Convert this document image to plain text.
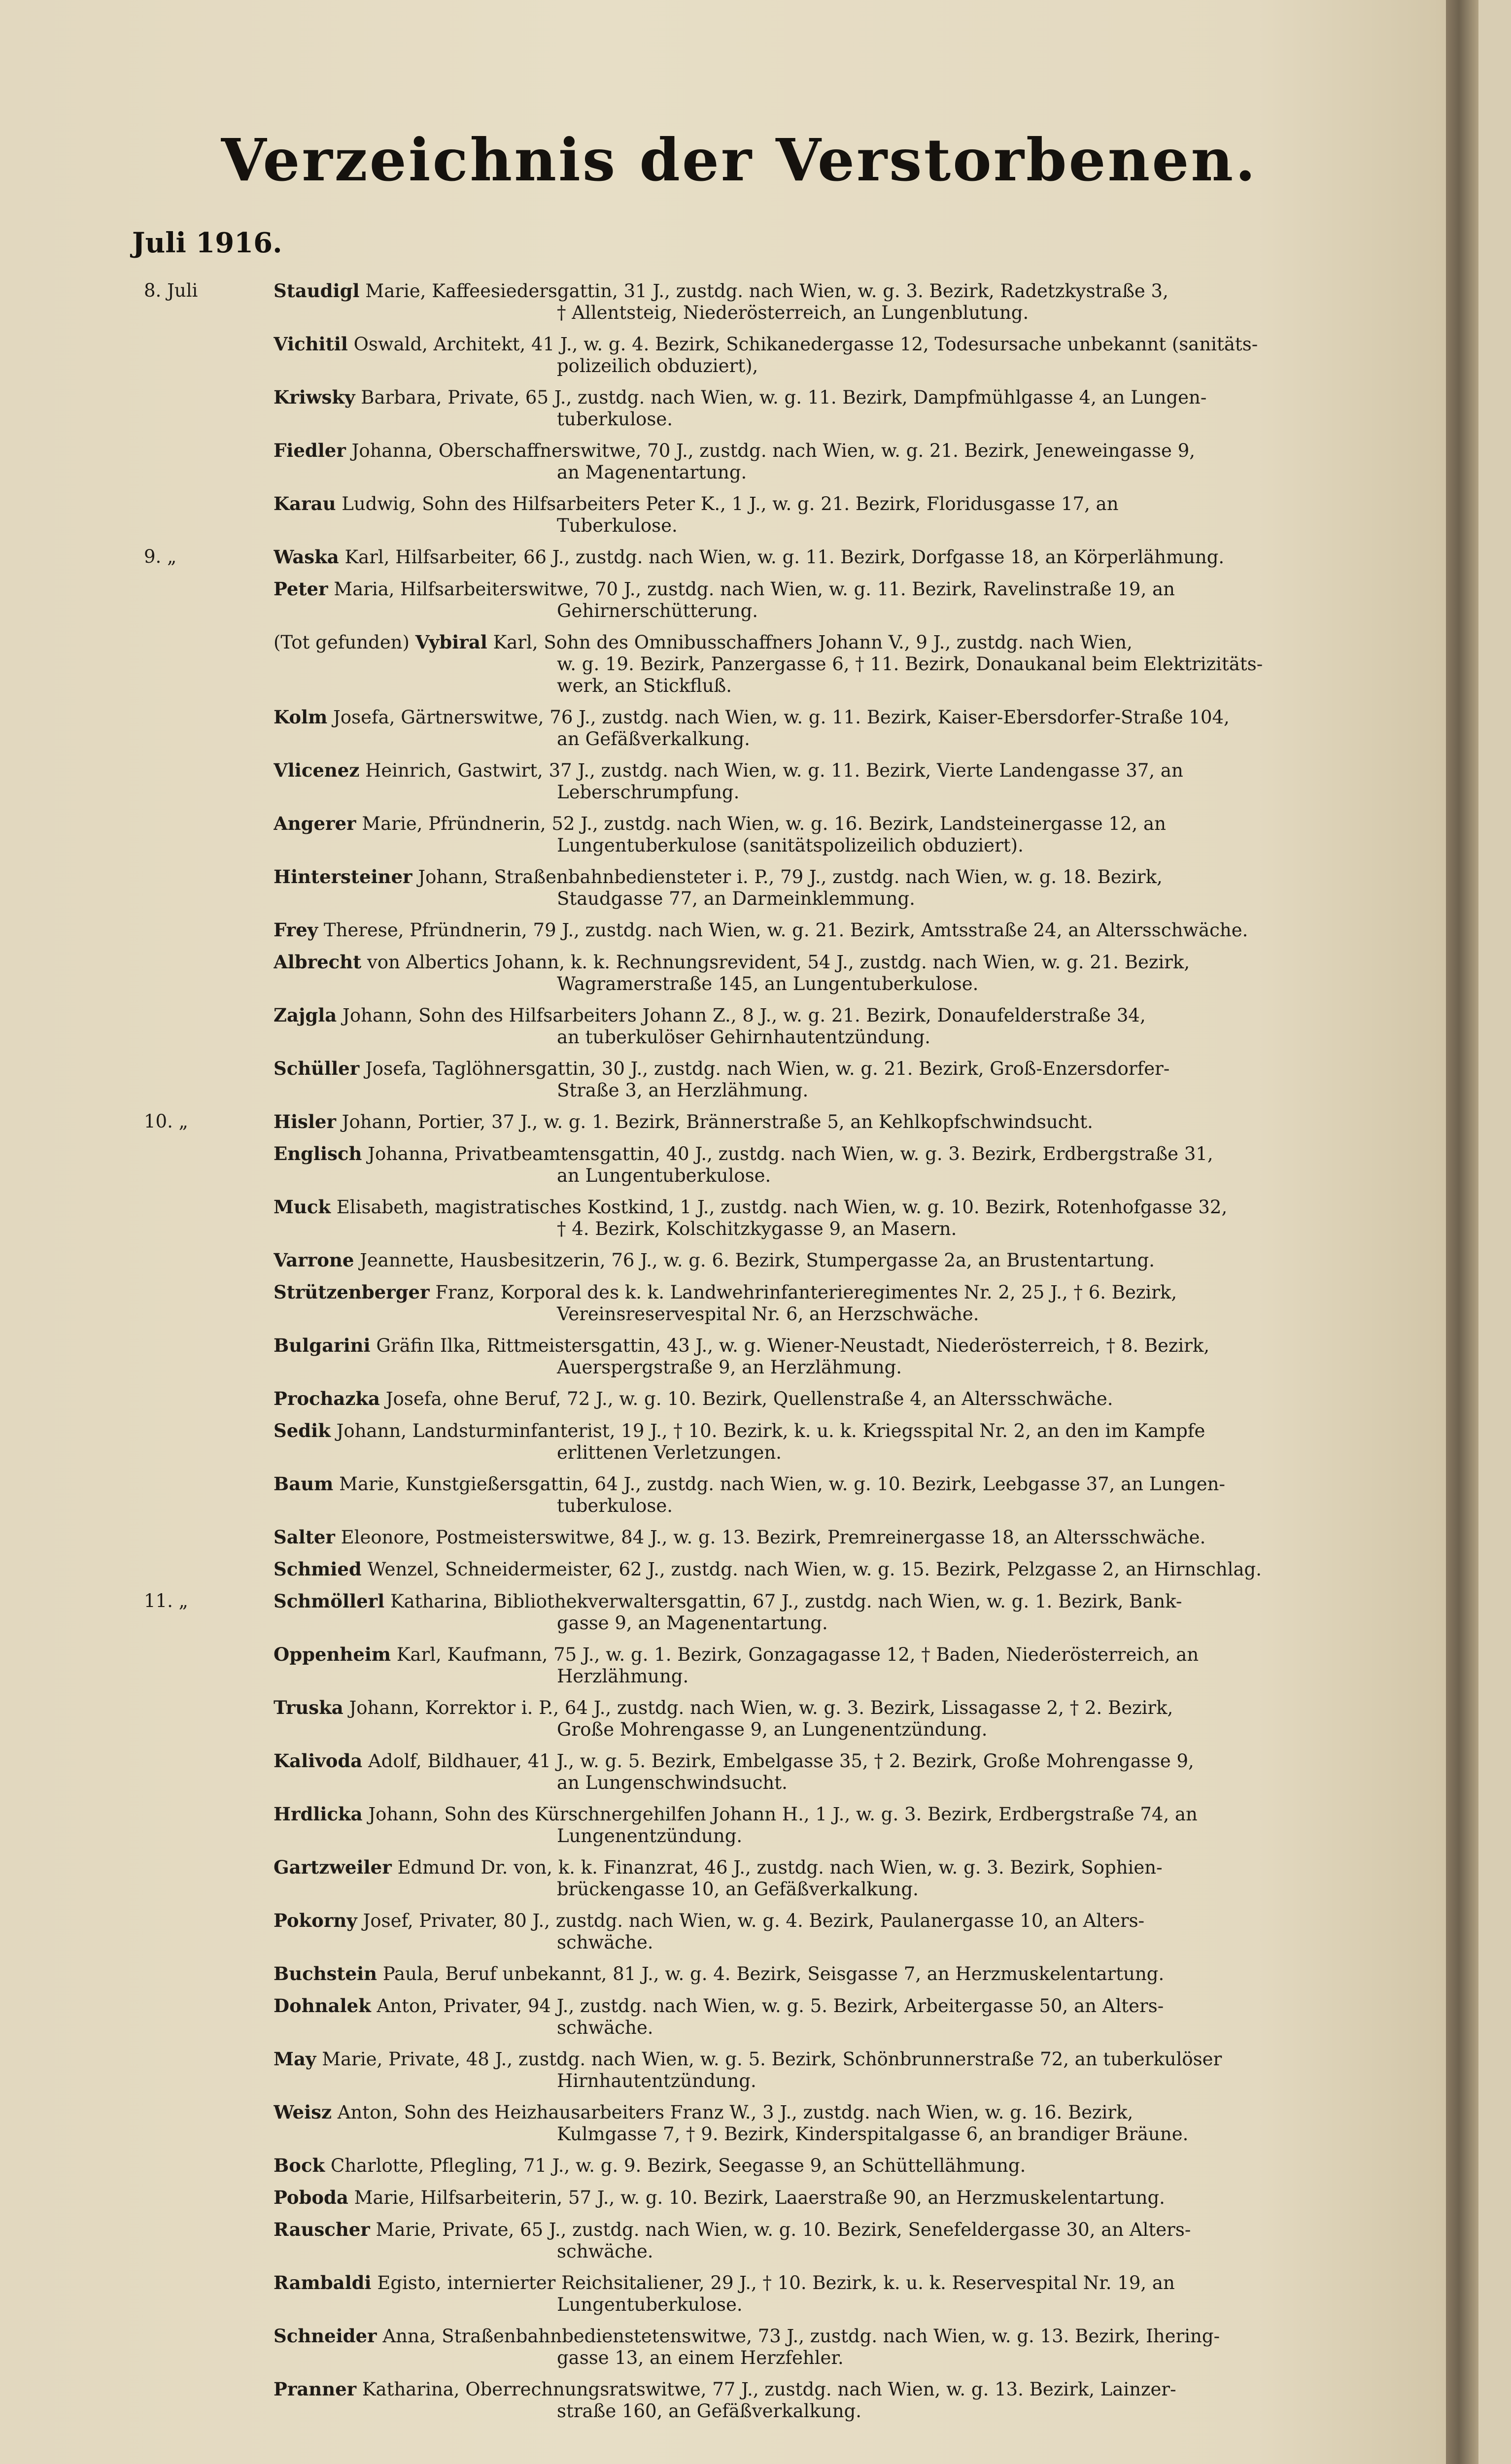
Verzeichnis der Verstorbenen.
Juli 1916.
8. Juli	Staudigl Marie, Kaffeesiedersgattin, 31 J., zustdg. nach Wien, w. g. 3. Bezirk, Radetzkystraße 3,
† Allentsteig, Niederösterreich, an Lungenblutung.
Vichitil Oswald, Architekt, 41 J., w. g. 4. Bezirk, Schikanedergasse 12, Todesursache unbekannt (sanitäts-
polizeilich obduziert),
Kriwsky Barbara, Private, 65 J., zustdg. nach Wien, w. g. 11. Bezirk, Dampfmühlgasse 4, an Lungen-
tuberkulose.
Fiedler Johanna, Oberschaffnerswitwe, 70 J., zustdg. nach Wien, w. g. 21. Bezirk, Jeneweingasse 9,
an Magenentartung.
Karau Ludwig, Sohn des Hilfsarbeiters Peter K., 1 J., w. g. 21. Bezirk, Floridusgasse 17, an
Tuberkulose.
9. „	Waska Karl, Hilfsarbeiter, 66 J., zustdg. nach Wien, w. g. 11. Bezirk, Dorfgasse 18, an Körperlähmung.
Peter Maria, Hilfsarbeiterswitwe, 70 J., zustdg. nach Wien, w. g. 11. Bezirk, Ravelinstraße 19, an
Gehirnerschütterung.
(Tot gefunden) Vybiral Karl, Sohn des Omnibusschaffners Johann V., 9 J., zustdg. nach Wien,
w. g. 19. Bezirk, Panzergasse 6, † 11. Bezirk, Donaukanal beim Elektrizitäts-
werk, an Stickfluß.
Kolm Josefa, Gärtnerswitwe, 76 J., zustdg. nach Wien, w. g. 11. Bezirk, Kaiser-Ebersdorfer-Straße 104,
an Gefäßverkalkung.
Vlicenez Heinrich, Gastwirt, 37 J., zustdg. nach Wien, w. g. 11. Bezirk, Vierte Landengasse 37, an
Leberschrumpfung.
Angerer Marie, Pfründnerin, 52 J., zustdg. nach Wien, w. g. 16. Bezirk, Landsteinergasse 12, an
Lungentuberkulose (sanitätspolizeilich obduziert).
Hintersteiner Johann, Straßenbahnbediensteter i. P., 79 J., zustdg. nach Wien, w. g. 18. Bezirk,
Staudgasse 77, an Darmeinklemmung.
Frey Therese, Pfründnerin, 79 J., zustdg. nach Wien, w. g. 21. Bezirk, Amtsstraße 24, an Altersschwäche.
Albrecht von Albertics Johann, k. k. Rechnungsrevident, 54 J., zustdg. nach Wien, w. g. 21. Bezirk,
Wagramerstraße 145, an Lungentuberkulose.
Zajgla Johann, Sohn des Hilfsarbeiters Johann Z., 8 J., w. g. 21. Bezirk, Donaufelderstraße 34,
an tuberkulöser Gehirnhautentzündung.
Schüller Josefa, Taglöhnersgattin, 30 J., zustdg. nach Wien, w. g. 21. Bezirk, Groß-Enzersdorfer-
Straße 3, an Herzlähmung.
10. „	Hisler Johann, Portier, 37 J., w. g. 1. Bezirk, Brännerstraße 5, an Kehlkopfschwindsucht.
Englisch Johanna, Privatbeamtensgattin, 40 J., zustdg. nach Wien, w. g. 3. Bezirk, Erdbergstraße 31,
an Lungentuberkulose.
Muck Elisabeth, magistratisches Kostkind, 1 J., zustdg. nach Wien, w. g. 10. Bezirk, Rotenhofgasse 32,
† 4. Bezirk, Kolschitzkygasse 9, an Masern.
Varrone Jeannette, Hausbesitzerin, 76 J., w. g. 6. Bezirk, Stumpergasse 2a, an Brustentartung.
Strützenberger Franz, Korporal des k. k. Landwehrinfanterieregimentes Nr. 2, 25 J., † 6. Bezirk,
Vereinsreservespital Nr. 6, an Herzschwäche.
Bulgarini Gräfin Ilka, Rittmeistersgattin, 43 J., w. g. Wiener-Neustadt, Niederösterreich, † 8. Bezirk,
Auerspergstraße 9, an Herzlähmung.
Prochazka Josefa, ohne Beruf, 72 J., w. g. 10. Bezirk, Quellenstraße 4, an Altersschwäche.
Sedik Johann, Landsturminfanterist, 19 J., † 10. Bezirk, k. u. k. Kriegsspital Nr. 2, an den im Kampfe
erlittenen Verletzungen.
Baum Marie, Kunstgießersgattin, 64 J., zustdg. nach Wien, w. g. 10. Bezirk, Leebgasse 37, an Lungen-
tuberkulose.
Salter Eleonore, Postmeisterswitwe, 84 J., w. g. 13. Bezirk, Premreinergasse 18, an Altersschwäche.
Schmied Wenzel, Schneidermeister, 62 J., zustdg. nach Wien, w. g. 15. Bezirk, Pelzgasse 2, an Hirnschlag.
11. „	Schmöllerl Katharina, Bibliothekverwaltersgattin, 67 J., zustdg. nach Wien, w. g. 1. Bezirk, Bank-
gasse 9, an Magenentartung.
Oppenheim Karl, Kaufmann, 75 J., w. g. 1. Bezirk, Gonzagagasse 12, † Baden, Niederösterreich, an
Herzlähmung.
Truska Johann, Korrektor i. P., 64 J., zustdg. nach Wien, w. g. 3. Bezirk, Lissagasse 2, † 2. Bezirk,
Große Mohrengasse 9, an Lungenentzündung.
Kalivoda Adolf, Bildhauer, 41 J., w. g. 5. Bezirk, Embelgasse 35, † 2. Bezirk, Große Mohrengasse 9,
an Lungenschwindsucht.
Hrdlicka Johann, Sohn des Kürschnergehilfen Johann H., 1 J., w. g. 3. Bezirk, Erdbergstraße 74, an
Lungenentzündung.
Gartzweiler Edmund Dr. von, k. k. Finanzrat, 46 J., zustdg. nach Wien, w. g. 3. Bezirk, Sophien-
brückengasse 10, an Gefäßverkalkung.
Pokorny Josef, Privater, 80 J., zustdg. nach Wien, w. g. 4. Bezirk, Paulanergasse 10, an Alters-
schwäche.
Buchstein Paula, Beruf unbekannt, 81 J., w. g. 4. Bezirk, Seisgasse 7, an Herzmuskelentartung.
Dohnalek Anton, Privater, 94 J., zustdg. nach Wien, w. g. 5. Bezirk, Arbeitergasse 50, an Alters-
schwäche.
May Marie, Private, 48 J., zustdg. nach Wien, w. g. 5. Bezirk, Schönbrunnerstraße 72, an tuberkulöser
Hirnhautentzündung.
Weisz Anton, Sohn des Heizhausarbeiters Franz W., 3 J., zustdg. nach Wien, w. g. 16. Bezirk,
Kulmgasse 7, † 9. Bezirk, Kinderspitalgasse 6, an brandiger Bräune.
Bock Charlotte, Pflegling, 71 J., w. g. 9. Bezirk, Seegasse 9, an Schüttellähmung.
Poboda Marie, Hilfsarbeiterin, 57 J., w. g. 10. Bezirk, Laaerstraße 90, an Herzmuskelentartung.
Rauscher Marie, Private, 65 J., zustdg. nach Wien, w. g. 10. Bezirk, Senefeldergasse 30, an Alters-
schwäche.
Rambaldi Egisto, internierter Reichsitaliener, 29 J., † 10. Bezirk, k. u. k. Reservespital Nr. 19, an
Lungentuberkulose.
Schneider Anna, Straßenbahnbedienstetenswitwe, 73 J., zustdg. nach Wien, w. g. 13. Bezirk, Ihering-
gasse 13, an einem Herzfehler.
Pranner Katharina, Oberrechnungsratswitwe, 77 J., zustdg. nach Wien, w. g. 13. Bezirk, Lainzer-
straße 160, an Gefäßverkalkung.
